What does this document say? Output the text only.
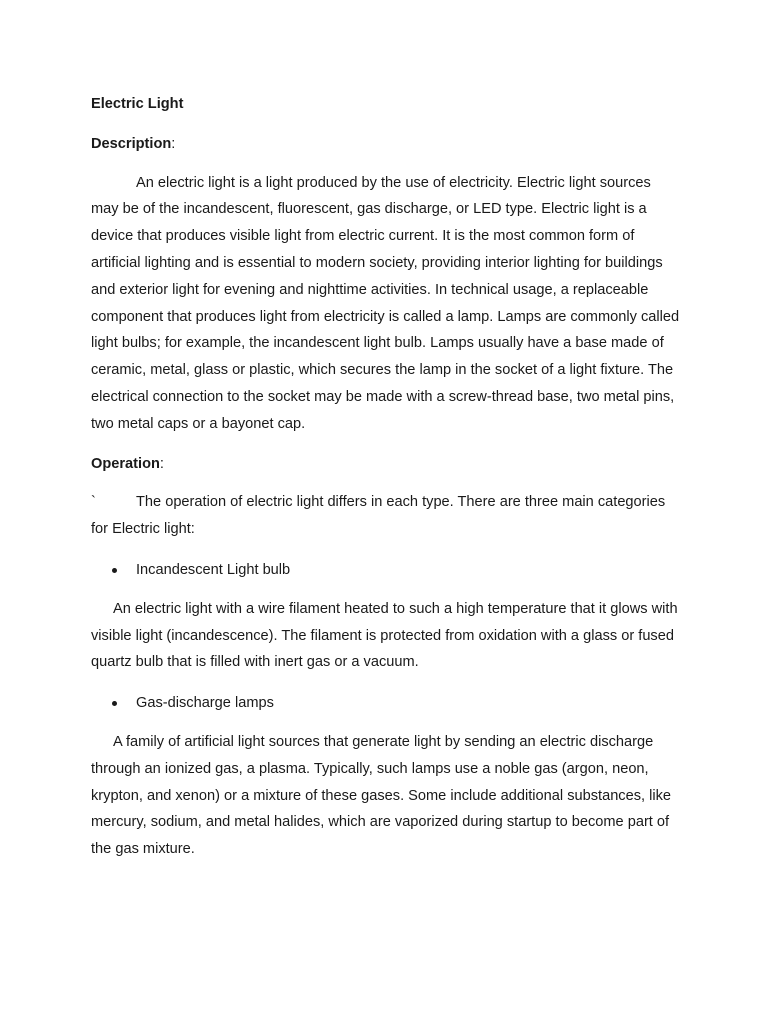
Electric Light

Description:

An electric light is a light produced by the use of electricity. Electric light sources may be of the incandescent, fluorescent, gas discharge, or LED type. Electric light is a device that produces visible light from electric current. It is the most common form of artificial lighting and is essential to modern society, providing interior lighting for buildings and exterior light for evening and nighttime activities. In technical usage, a replaceable component that produces light from electricity is called a lamp. Lamps are commonly called light bulbs; for example, the incandescent light bulb. Lamps usually have a base made of ceramic, metal, glass or plastic, which secures the lamp in the socket of a light fixture. The electrical connection to the socket may be made with a screw-thread base, two metal pins, two metal caps or a bayonet cap.

Operation:

`	The operation of electric light differs in each type. There are three main categories for Electric light:

Incandescent Light bulb

An electric light with a wire filament heated to such a high temperature that it glows with visible light (incandescence). The filament is protected from oxidation with a glass or fused quartz bulb that is filled with inert gas or a vacuum.

Gas-discharge lamps

A family of artificial light sources that generate light by sending an electric discharge through an ionized gas, a plasma. Typically, such lamps use a noble gas (argon, neon, krypton, and xenon) or a mixture of these gases. Some include additional substances, like mercury, sodium, and metal halides, which are vaporized during startup to become part of the gas mixture.
